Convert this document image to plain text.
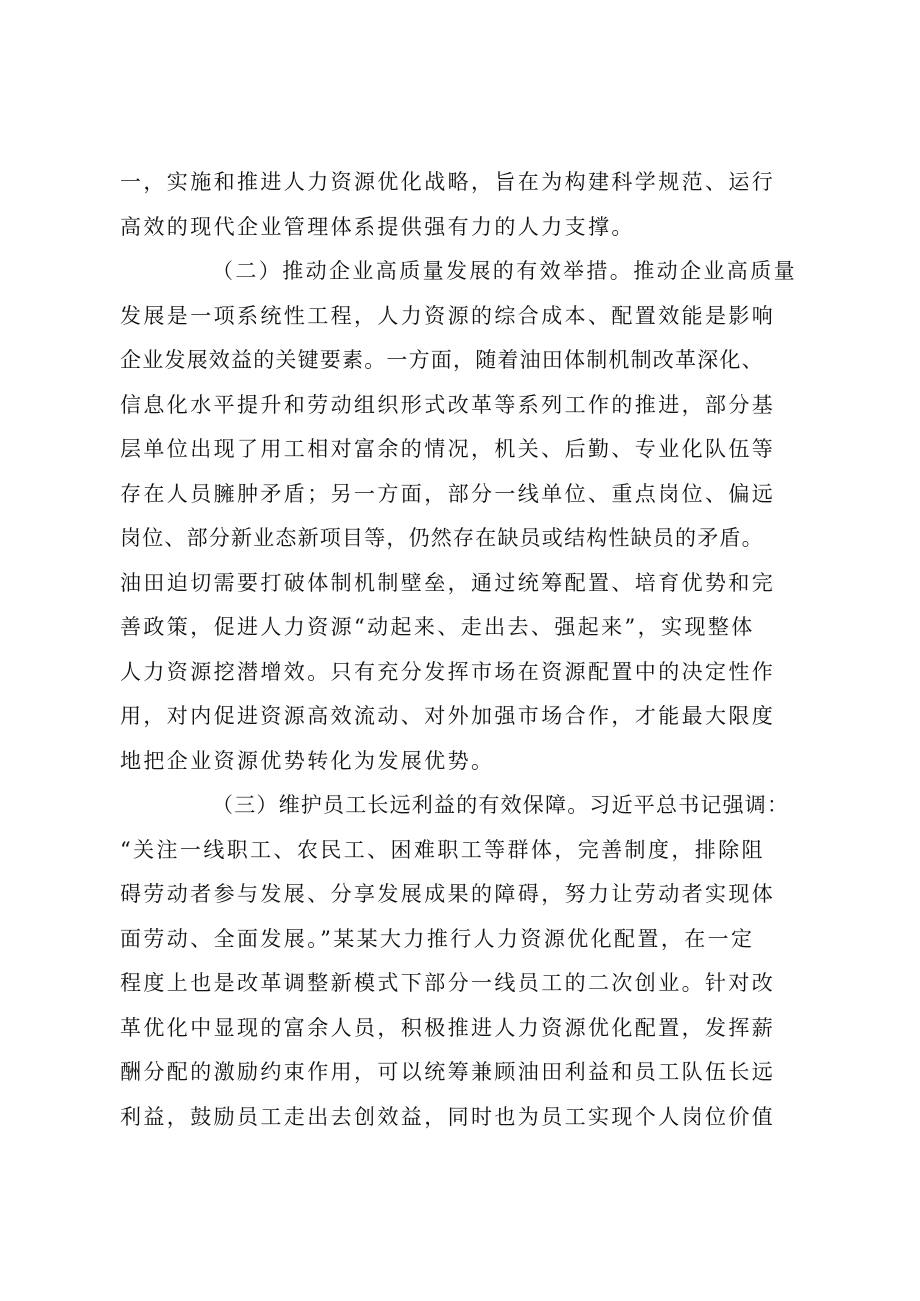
一，实施和推进人力资源优化战略，旨在为构建科学规范、运行
高效的现代企业管理体系提供强有力的人力支撑。
（二）推动企业高质量发展的有效举措。推动企业高质量
发展是一项系统性工程，人力资源的综合成本、配置效能是影响
企业发展效益的关键要素。一方面，随着油田体制机制改革深化、
信息化水平提升和劳动组织形式改革等系列工作的推进，部分基
层单位出现了用工相对富余的情况，机关、后勤、专业化队伍等
存在人员臃肿矛盾；另一方面，部分一线单位、重点岗位、偏远
岗位、部分新业态新项目等，仍然存在缺员或结构性缺员的矛盾。
油田迫切需要打破体制机制壁垒，通过统筹配置、培育优势和完
善政策，促进人力资源“动起来、走出去、强起来”，实现整体
人力资源挖潜增效。只有充分发挥市场在资源配置中的决定性作
用，对内促进资源高效流动、对外加强市场合作，才能最大限度
地把企业资源优势转化为发展优势。
（三）维护员工长远利益的有效保障。习近平总书记强调：
“关注一线职工、农民工、困难职工等群体，完善制度，排除阻
碍劳动者参与发展、分享发展成果的障碍，努力让劳动者实现体
面劳动、全面发展。”某某大力推行人力资源优化配置，在一定
程度上也是改革调整新模式下部分一线员工的二次创业。针对改
革优化中显现的富余人员，积极推进人力资源优化配置，发挥薪
酬分配的激励约束作用，可以统筹兼顾油田利益和员工队伍长远
利益，鼓励员工走出去创效益，同时也为员工实现个人岗位价值
